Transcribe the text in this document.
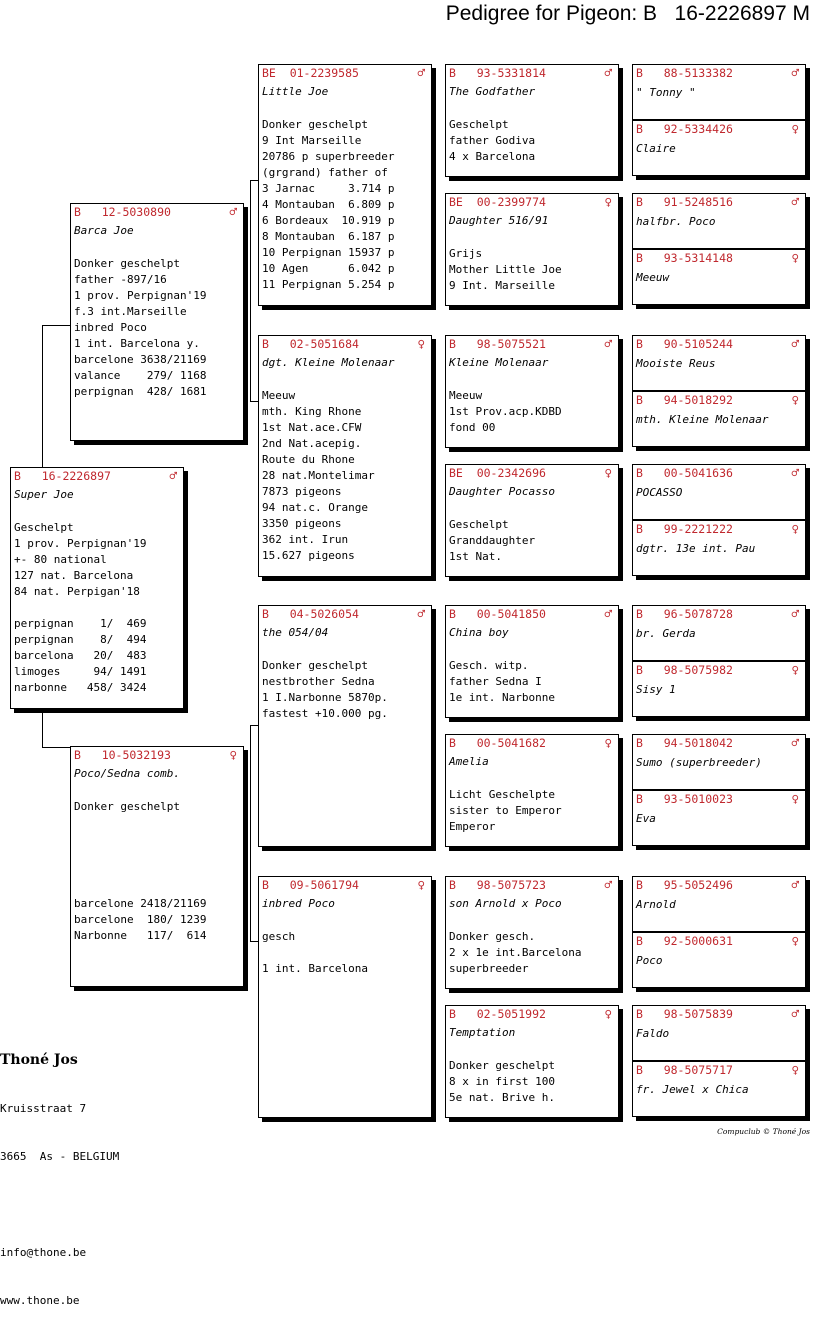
Pedigree for Pigeon: B   16-2226897 M
B   16-2226897	♂
Super Joe
Geschelpt
1 prov. Perpignan'19
+- 80 national
127 nat. Barcelona
84 nat. Perpigan'18

perpignan    1/  469
perpignan    8/  494
barcelona   20/  483
limoges     94/ 1491
narbonne   458/ 3424
B   12-5030890	♂
Barca Joe
Donker geschelpt
father -897/16
1 prov. Perpignan'19
f.3 int.Marseille
inbred Poco
1 int. Barcelona y.
barcelone 3638/21169
valance    279/ 1168
perpignan  428/ 1681
B   10-5032193	♀
Poco/Sedna comb.
Donker geschelpt
barcelone 2418/21169
barcelone  180/ 1239
Narbonne   117/  614
BE  01-2239585	♂
Little Joe
Donker geschelpt
9 Int Marseille
20786 p superbreeder
(grgrand) father of
3 Jarnac     3.714 p
4 Montauban  6.809 p
6 Bordeaux  10.919 p
8 Montauban  6.187 p
10 Perpignan 15937 p
10 Agen      6.042 p
11 Perpignan 5.254 p
B   02-5051684	♀
dgt. Kleine Molenaar
Meeuw
mth. King Rhone
1st Nat.ace.CFW
2nd Nat.acepig.
Route du Rhone
28 nat.Montelimar
7873 pigeons
94 nat.c. Orange
3350 pigeons
362 int. Irun
15.627 pigeons
B   04-5026054	♂
the 054/04
Donker geschelpt
nestbrother Sedna
1 I.Narbonne 5870p.
fastest +10.000 pg.
B   09-5061794	♀
inbred Poco
gesch

1 int. Barcelona
B   93-5331814	♂
The Godfather
Geschelpt
father Godiva
4 x Barcelona
BE  00-2399774	♀
Daughter 516/91
Grijs
Mother Little Joe
9 Int. Marseille
B   98-5075521	♂
Kleine Molenaar
Meeuw
1st Prov.acp.KDBD
fond 00
BE  00-2342696	♀
Daughter Pocasso
Geschelpt
Granddaughter
1st Nat.
B   00-5041850	♂
China boy
Gesch. witp.
father Sedna I
1e int. Narbonne
B   00-5041682	♀
Amelia
Licht Geschelpte
sister to Emperor
Emperor
B   98-5075723	♂
son Arnold x Poco
Donker gesch.
2 x 1e int.Barcelona
superbreeder
B   02-5051992	♀
Temptation
Donker geschelpt
8 x in first 100
5e nat. Brive h.
B   88-5133382	♂
" Tonny "
B   92-5334426	♀
Claire
B   91-5248516	♂
halfbr. Poco
B   93-5314148	♀
Meeuw
B   90-5105244	♂
Mooiste Reus
B   94-5018292	♀
mth. Kleine Molenaar
B   00-5041636	♂
POCASSO
B   99-2221222	♀
dgtr. 13e int. Pau
B   96-5078728	♂
br. Gerda
B   98-5075982	♀
Sisy 1
B   94-5018042	♂
Sumo (superbreeder)
B   93-5010023	♀
Eva
B   95-5052496	♂
Arnold
B   92-5000631	♀
Poco
B   98-5075839	♂
Faldo
B   98-5075717	♀
fr. Jewel x Chica

Thoné Jos

Kruisstraat 7

3665  As - BELGIUM

info@thone.be

www.thone.be

Compuclub © Thoné Jos
